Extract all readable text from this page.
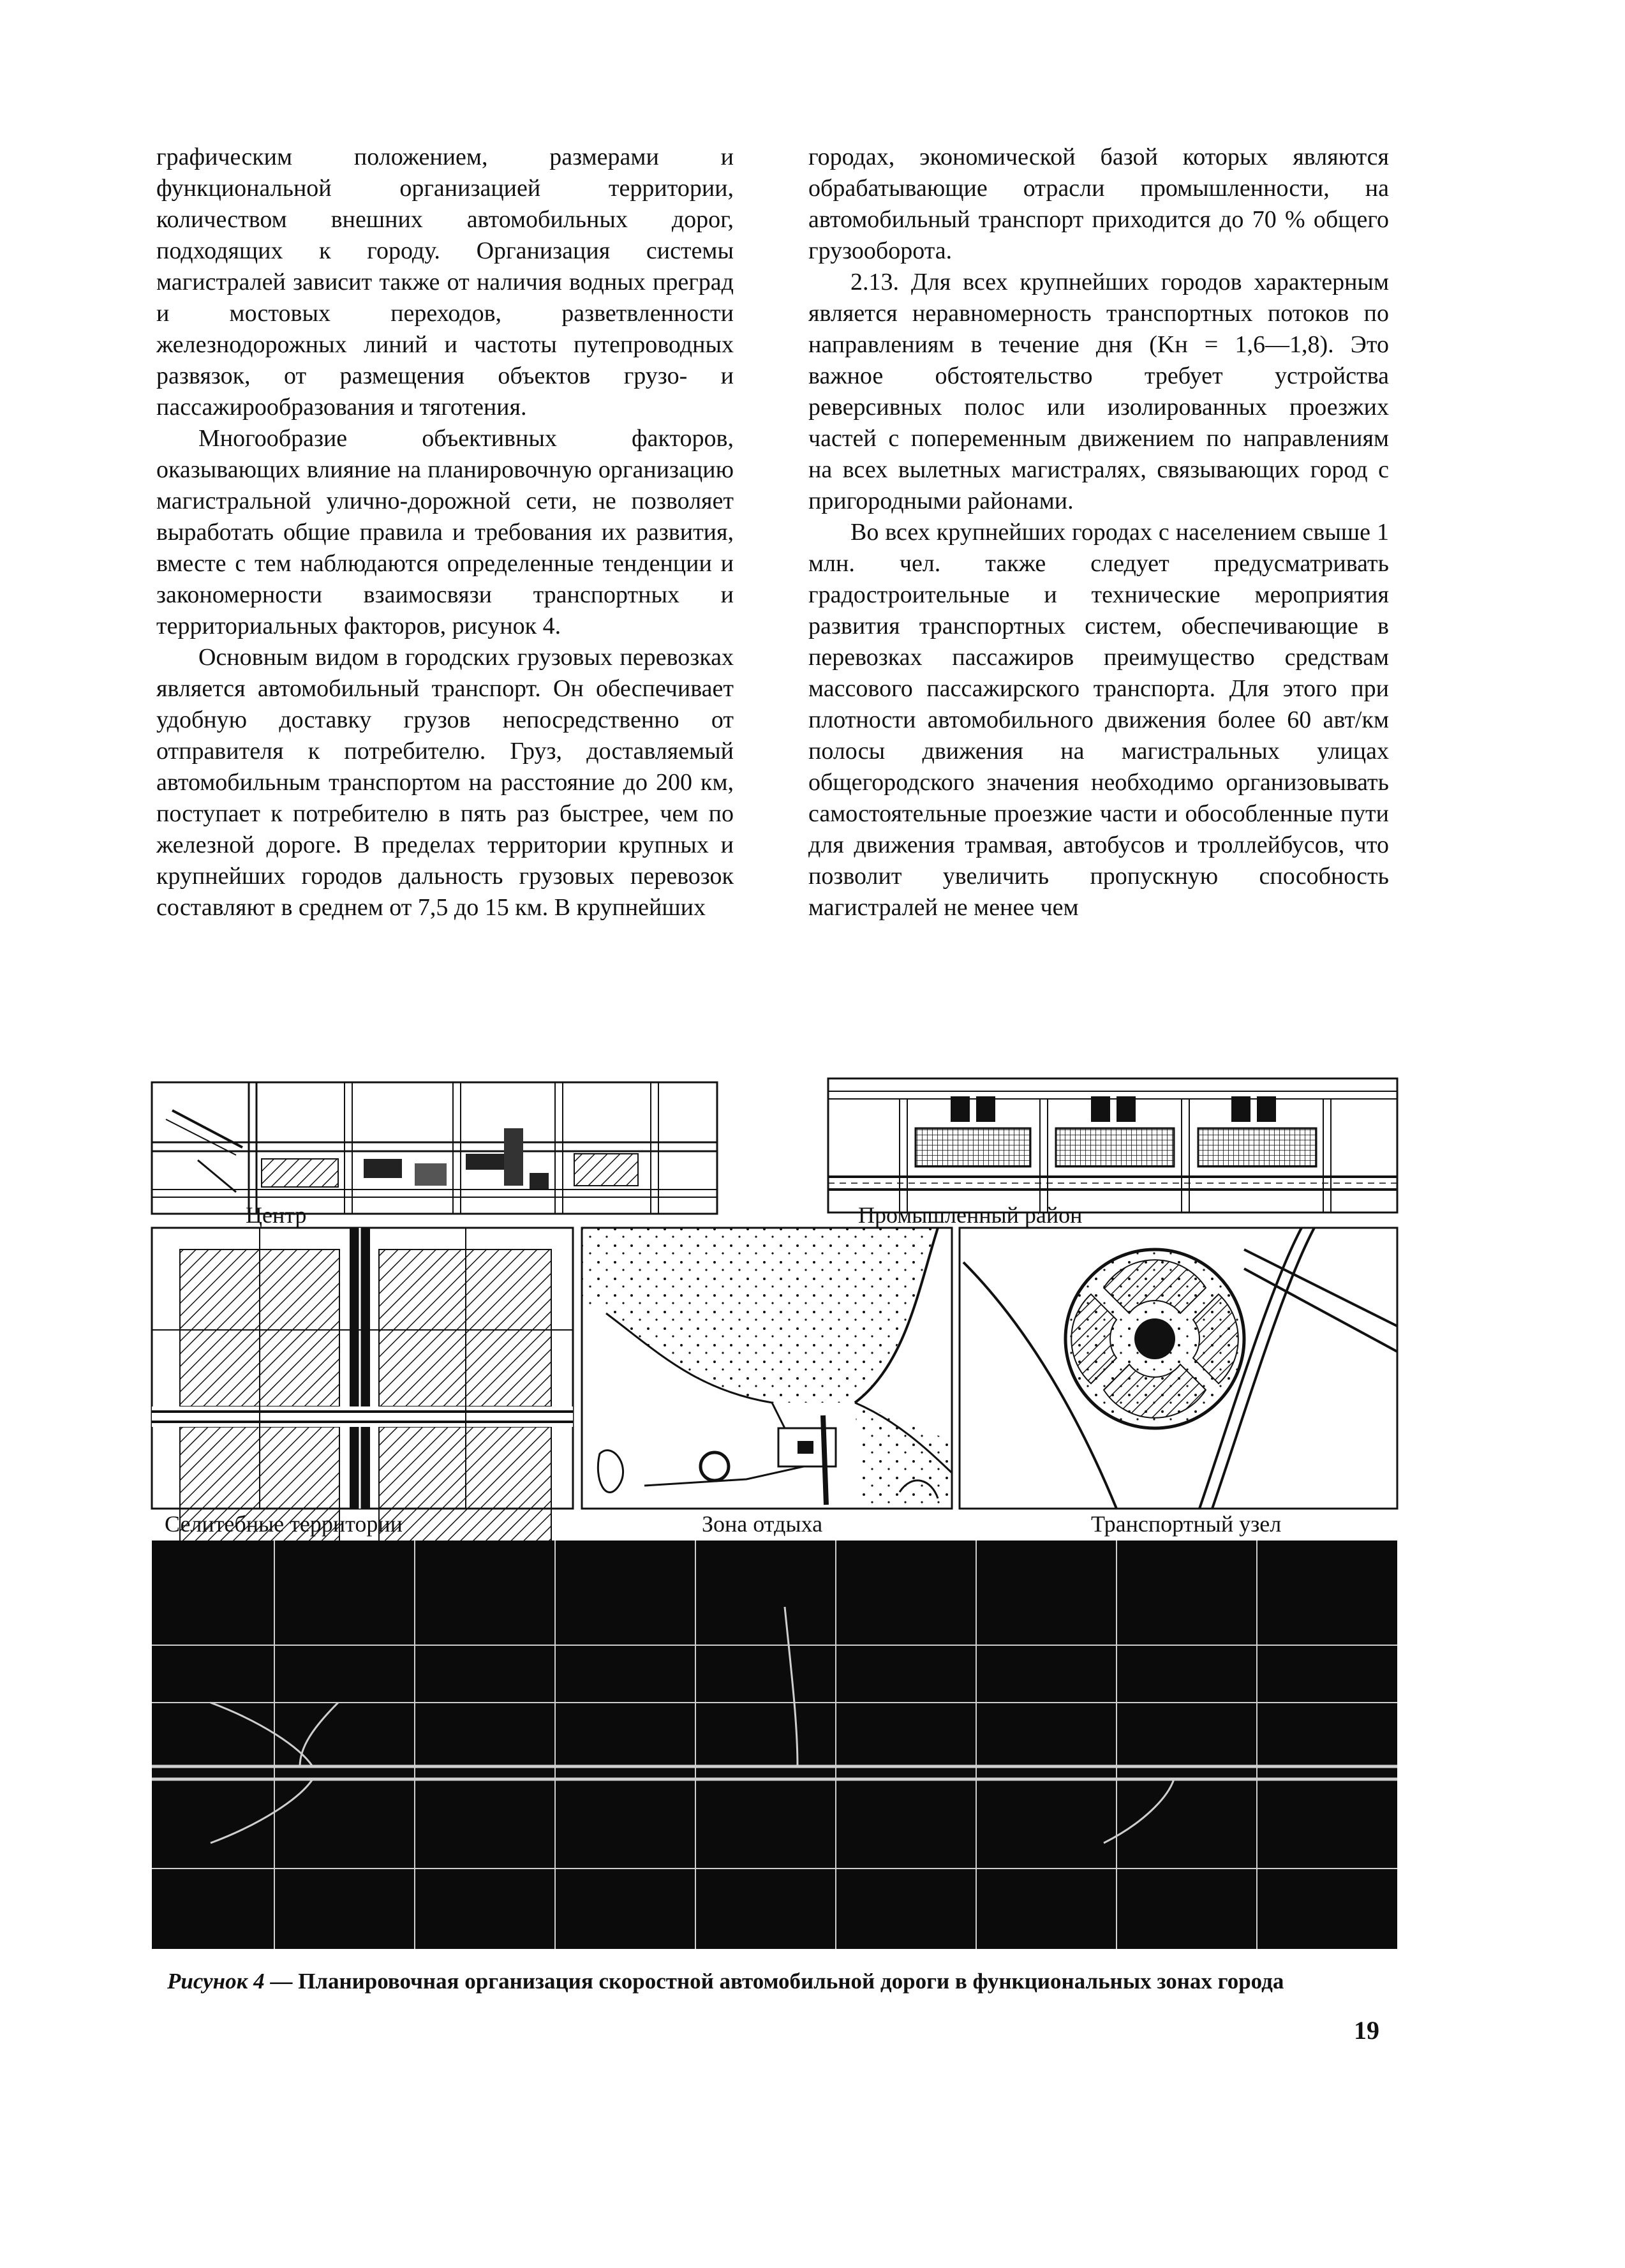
графическим положением, размерами и функциональной организацией территории, количеством внешних автомобильных дорог, подходящих к городу. Организация системы магистралей зависит также от наличия водных преград и мостовых переходов, разветвленности железнодорожных линий и частоты путепроводных развязок, от размещения объектов грузо- и пассажирообразования и тяготения.

Многообразие объективных факторов, оказывающих влияние на планировочную организацию магистральной улично-дорожной сети, не позволяет выработать общие правила и требования их развития, вместе с тем наблюдаются определенные тенденции и закономерности взаимосвязи транспортных и территориальных факторов, рисунок 4.

Основным видом в городских грузовых перевозках является автомобильный транспорт. Он обеспечивает удобную доставку грузов непосредственно от отправителя к потребителю. Груз, доставляемый автомобильным транспортом на расстояние до 200 км, поступает к потребителю в пять раз быстрее, чем по железной дороге. В пределах территории крупных и крупнейших городов дальность грузовых перевозок составляют в среднем от 7,5 до 15 км. В крупнейших

городах, экономической базой которых являются обрабатывающие отрасли промышленности, на автомобильный транспорт приходится до 70 % общего грузооборота.

2.13. Для всех крупнейших городов характерным является неравномерность транспортных потоков по направлениям в течение дня (Kн = 1,6—1,8). Это важное обстоятельство требует устройства реверсивных полос или изолированных проезжих частей с попеременным движением по направлениям на всех вылетных магистралях, связывающих город с пригородными районами.

Во всех крупнейших городах с населением свыше 1 млн. чел. также следует предусматривать градостроительные и технические мероприятия развития транспортных систем, обеспечивающие в перевозках пассажиров преимущество средствам массового пассажирского транспорта. Для этого при плотности автомобильного движения более 60 авт/км полосы движения на магистральных улицах общегородского значения необходимо организовывать самостоятельные проезжие части и обособленные пути для движения трамвая, автобусов и троллейбусов, что позволит увеличить пропускную способность магистралей не менее чем

Центр	Промышленный район
Селитебные территории	Зона отдыха	Транспортный узел
Рисунок 4 — Планировочная организация скоростной автомобильной дороги в функциональных зонах города
19
